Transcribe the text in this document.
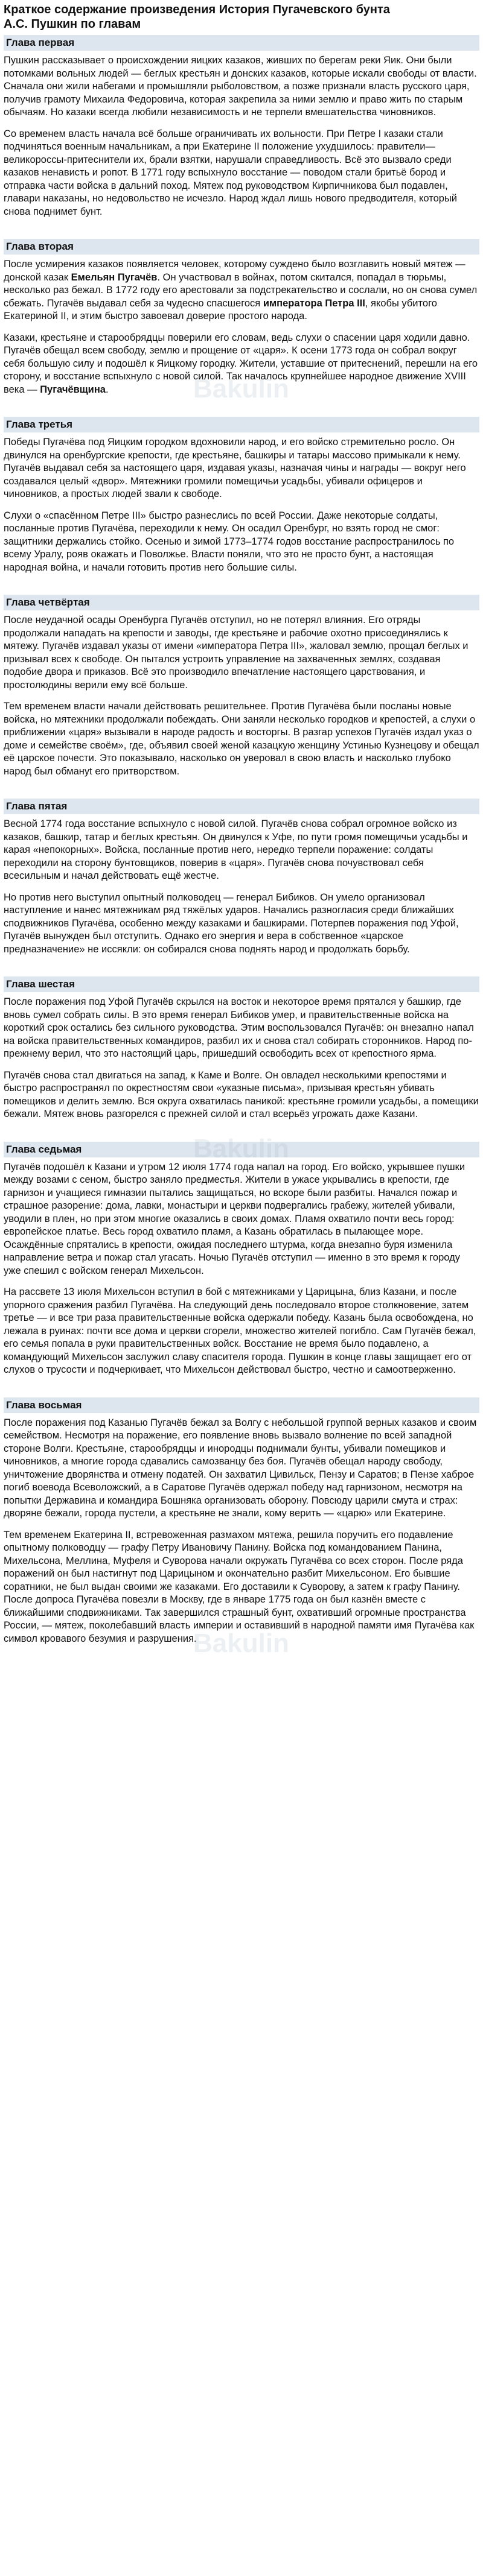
Краткое содержание произведения История Пугачевского бунта
А.С. Пушкин по главам
Глава первая

Пушкин рассказывает о происхождении яицких казаков, живших по берегам реки Яик. Они были потомками вольных людей — беглых крестьян и донских казаков, которые искали свободы от власти. Сначала они жили набегами и промышляли рыболовством, а позже признали власть русского царя, получив грамоту Михаила Федоровича, которая закрепила за ними землю и право жить по старым обычаям. Но казаки всегда любили независимость и не терпели вмешательства чиновников.

Со временем власть начала всё больше ограничивать их вольности. При Петре I казаки стали подчиняться военным начальникам, а при Екатерине II положение ухудшилось: правители—великороссы-притеснители их, брали взятки, нарушали справедливость. Всё это вызвало среди казаков ненависть и ропот. В 1771 году вспыхнуло восстание — поводом стали бритьё бород и отправка части войска в дальний поход. Мятеж под руководством Кирпичникова был подавлен, главари наказаны, но недовольство не исчезло. Народ ждал лишь нового предводителя, который снова поднимет бунт.

Глава вторая

После усмирения казаков появляется человек, которому суждено было возглавить новый мятеж — донской казак Емельян Пугачёв. Он участвовал в войнах, потом скитался, попадал в тюрьмы, несколько раз бежал. В 1772 году его арестовали за подстрекательство и сослали, но он снова сумел сбежать. Пугачёв выдавал себя за чудесно спасшегося императора Петра III, якобы убитого Екатериной II, и этим быстро завоевал доверие простого народа.

Казаки, крестьяне и старообрядцы поверили его словам, ведь слухи о спасении царя ходили давно. Пугачёв обещал всем свободу, землю и прощение от «царя». К осени 1773 года он собрал вокруг себя большую силу и подошёл к Яицкому городку. Жители, уставшие от притеснений, перешли на его сторону, и восстание вспыхнуло с новой силой. Так началось крупнейшее народное движение XVIII века — Пугачёвщина.

Глава третья

Победы Пугачёва под Яицким городком вдохновили народ, и его войско стремительно росло. Он двинулся на оренбургские крепости, где крестьяне, башкиры и татары массово примыкали к нему. Пугачёв выдавал себя за настоящего царя, издавая указы, назначая чины и награды — вокруг него создавался целый «двор». Мятежники громили помещичьи усадьбы, убивали офицеров и чиновников, а простых людей звали к свободе.

Слухи о «спасённом Петре III» быстро разнеслись по всей России. Даже некоторые солдаты, посланные против Пугачёва, переходили к нему. Он осадил Оренбург, но взять город не смог: защитники держались стойко. Осенью и зимой 1773–1774 годов восстание распространилось по всему Уралу, рояв окажать и Поволжье. Власти поняли, что это не просто бунт, а настоящая народная война, и начали готовить против него большие силы.

Глава четвёртая

После неудачной осады Оренбурга Пугачёв отступил, но не потерял влияния. Его отряды продолжали нападать на крепости и заводы, где крестьяне и рабочие охотно присоединялись к мятежу. Пугачёв издавал указы от имени «императора Петра III», жаловал землю, прощал беглых и призывал всех к свободе. Он пытался устроить управление на захваченных землях, создавая подобие двора и приказов. Всё это производило впечатление настоящего царствования, и простолюдины верили ему всё больше.

Тем временем власти начали действовать решительнее. Против Пугачёва были посланы новые войска, но мятежники продолжали побеждать. Они заняли несколько городков и крепостей, а слухи о приближении «царя» вызывали в народе радость и восторгы. В разгар успехов Пугачёв издал указ о доме и семействе своём», где, объявил своей женой казацкую женщину Устинью Кузнецову и обещал её царское почести. Это показывало, насколько он уверовал в свою власть и насколько глубоко народ был обмануt его притворством.

Глава пятая

Весной 1774 года восстание вспыхнуло с новой силой. Пугачёв снова собрал огромное войско из казаков, башкир, татар и беглых крестьян. Он двинулся к Уфе, по пути громя помещичьи усадьбы и карая «непокорных». Войска, посланные против него, нередко терпели поражение: солдаты переходили на сторону бунтовщиков, поверив в «царя». Пугачёв снова почувствовал себя всесильным и начал действовать ещё жестче.

Но против него выступил опытный полководец — генерал Бибиков. Он умело организовал наступление и нанес мятежникам ряд тяжёлых ударов. Начались разногласия среди ближайших сподвижников Пугачёва, особенно между казаками и башкирами. Потерпев поражения под Уфой, Пугачёв вынужден был отступить. Однако его энергия и вера в собственное «царское предназначение» не иссякли: он собирался снова поднять народ и продолжать борьбу.

Глава шестая

После поражения под Уфой Пугачёв скрылся на восток и некоторое время прятался у башкир, где вновь сумел собрать силы. В это время генерал Бибиков умер, и правительственные войска на короткий срок остались без сильного руководства. Этим воспользовался Пугачёв: он внезапно напал на войска правительственных командиров, разбил их и снова стал собирать сторонников. Народ по-прежнему верил, что это настоящий царь, пришедший освободить всех от крепостного ярма.

Пугачёв снова стал двигаться на запад, к Каме и Волге. Он овладел несколькими крепостями и быстро распространял по окрестностям свои «указные письма», призывая крестьян убивать помещиков и делить землю. Вся округа охватилась паникой: крестьяне громили усадьбы, а помещики бежали. Мятеж вновь разгорелся с прежней силой и стал всерьёз угрожать даже Казани.

Глава седьмая

Пугачёв подошёл к Казани и утром 12 июля 1774 года напал на город. Его войско, укрывшее пушки между возами с сеном, быстро заняло предместья. Жители в ужасе укрывались в крепости, где гарнизон и учащиеся гимназии пытались защищаться, но вскоре были разбиты. Начался пожар и страшное разорение: дома, лавки, монастыри и церкви подвергались грабежу, жителей убивали, уводили в плен, но при этом многие оказались в своих домах. Пламя охватило почти весь город: европейское платье. Весь город охватило пламя, а Казань обратилась в пылающее море. Осаждённые спрятались в крепости, ожидая последнего штурма, когда внезапно буря изменила направление ветра и пожар стал угасать. Ночью Пугачёв отступил — именно в это время к городу уже спешил с войском генерал Михельсон.

На рассвете 13 июля Михельсон вступил в бой с мятежниками у Царицына, близ Казани, и после упорного сражения разбил Пугачёва. На следующий день последовало второе столкновение, затем третье — и все три раза правительственные войска одержали победу. Казань была освобождена, но лежала в руинах: почти все дома и церкви сгорели, множество жителей погибло. Сам Пугачёв бежал, его семья попала в руки правительственных войск. Восстание не время было подавлено, а командующий Михельсон заслужил славу спасителя города. Пушкин в конце главы защищает его от слухов о трусости и подчеркивает, что Михельсон действовал быстро, честно и самоотверженно.

Глава восьмая

После поражения под Казанью Пугачёв бежал за Волгу с небольшой группой верных казаков и своим семейством. Несмотря на поражение, его появление вновь вызвало волнение по всей западной стороне Волги. Крестьяне, старообрядцы и инородцы поднимали бунты, убивали помещиков и чиновников, а многие города сдавались самозванцу без боя. Пугачёв обещал народу свободу, уничтожение дворянства и отмену податей. Он захватил Цивильск, Пензу и Саратов; в Пензе хаброе погиб воевода Всеволожский, а в Саратове Пугачёв одержал победу над гарнизоном, несмотря на попытки Державина и командира Бошняка организовать оборону. Повсюду царили смута и страх: дворяне бежали, города пустели, а крестьяне не знали, кому верить — «царю» или Екатерине.

Тем временем Екатерина II, встревоженная размахом мятежа, решила поручить его подавление опытному полководцу — графу Петру Ивановичу Панину. Войска под командованием Панина, Михельсона, Меллина, Муфеля и Суворова начали окружать Пугачёва со всех сторон. После ряда поражений он был настигнут под Царицыном и окончательно разбит Михельсоном. Его бывшие соратники, не был выдан своими же казаками. Его доставили к Суворову, а затем к графу Панину. После допроса Пугачёва повезли в Москву, где в январе 1775 года он был казнён вместе с ближайшими сподвижниками. Так завершился страшный бунт, охвативший огромные пространства России, — мятеж, поколебавший власть империи и оставивший в народной памяти имя Пугачёва как символ кровавого безумия и разрушения.

Bakulin
Bakulin
